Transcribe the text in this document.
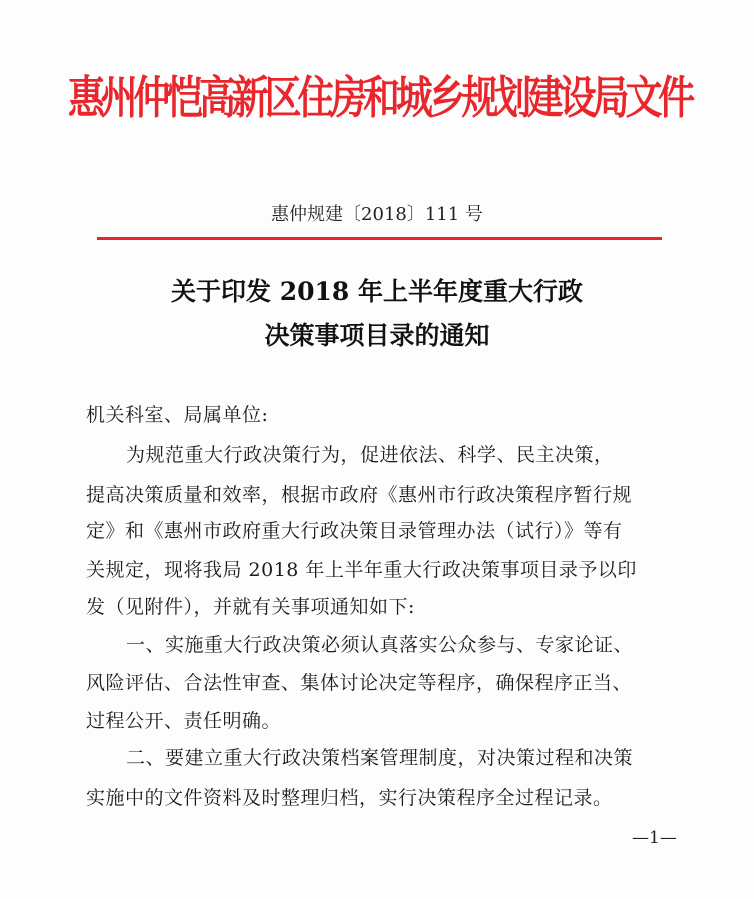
惠州仲恺高新区住房和城乡规划建设局文件
惠仲规建〔2018〕111 号
关于印发 2018 年上半年度重大行政
决策事项目录的通知
机关科室、局属单位:
为规范重大行政决策行为，促进依法、科学、民主决策，
提高决策质量和效率，根据市政府《惠州市行政决策程序暂行规
定》和《惠州市政府重大行政决策目录管理办法（试行）》等有
关规定，现将我局 2018 年上半年重大行政决策事项目录予以印
发（见附件），并就有关事项通知如下:
一、实施重大行政决策必须认真落实公众参与、专家论证、
风险评估、合法性审查、集体讨论决定等程序，确保程序正当、
过程公开、责任明确。
二、要建立重大行政决策档案管理制度，对决策过程和决策
实施中的文件资料及时整理归档，实行决策程序全过程记录。
—1—
